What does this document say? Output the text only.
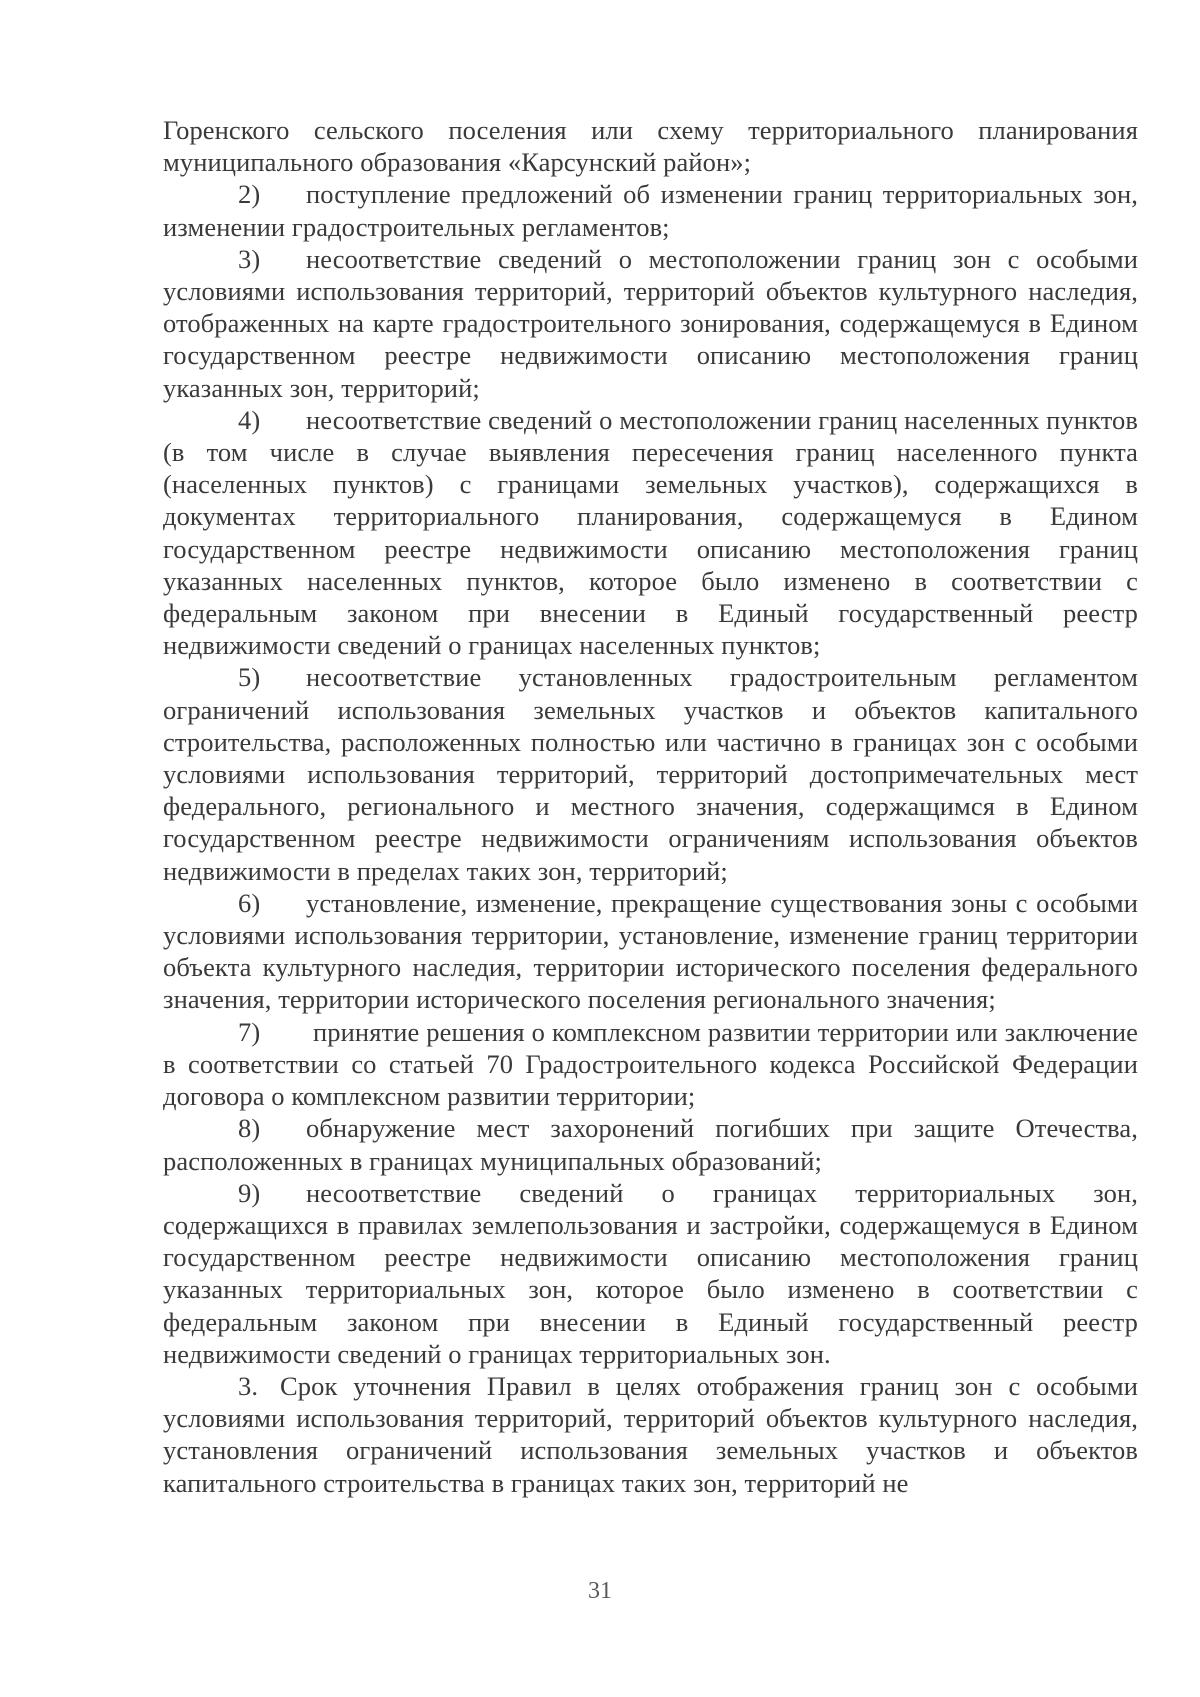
Горенского сельского поселения или схему территориального планирования муниципального образования «Карсунский район»;

2) поступление предложений об изменении границ территориальных зон, изменении градостроительных регламентов;

3) несоответствие сведений о местоположении границ зон с особыми условиями использования территорий, территорий объектов культурного наследия, отображенных на карте градостроительного зонирования, содержащемуся в Едином государственном реестре недвижимости описанию местоположения границ указанных зон, территорий;

4) несоответствие сведений о местоположении границ населенных пунктов (в том числе в случае выявления пересечения границ населенного пункта (населенных пунктов) с границами земельных участков), содержащихся в документах территориального планирования, содержащемуся в Едином государственном реестре недвижимости описанию местоположения границ указанных населенных пунктов, которое было изменено в соответствии с федеральным законом при внесении в Единый государственный реестр недвижимости сведений о границах населенных пунктов;

5) несоответствие установленных градостроительным регламентом ограничений использования земельных участков и объектов капитального строительства, расположенных полностью или частично в границах зон с особыми условиями использования территорий, территорий достопримечательных мест федерального, регионального и местного значения, содержащимся в Едином государственном реестре недвижимости ограничениям использования объектов недвижимости в пределах таких зон, территорий;

6) установление, изменение, прекращение существования зоны с особыми условиями использования территории, установление, изменение границ территории объекта культурного наследия, территории исторического поселения федерального значения, территории исторического поселения регионального значения;

7) принятие решения о комплексном развитии территории или заключение в соответствии со статьей 70 Градостроительного кодекса Российской Федерации договора о комплексном развитии территории;

8) обнаружение мест захоронений погибших при защите Отечества, расположенных в границах муниципальных образований;

9) несоответствие сведений о границах территориальных зон, содержащихся в правилах землепользования и застройки, содержащемуся в Едином государственном реестре недвижимости описанию местоположения границ указанных территориальных зон, которое было изменено в соответствии с федеральным законом при внесении в Единый государственный реестр недвижимости сведений о границах территориальных зон.

3. Срок уточнения Правил в целях отображения границ зон с особыми условиями использования территорий, территорий объектов культурного наследия, установления ограничений использования земельных участков и объектов капитального строительства в границах таких зон, территорий не

31
